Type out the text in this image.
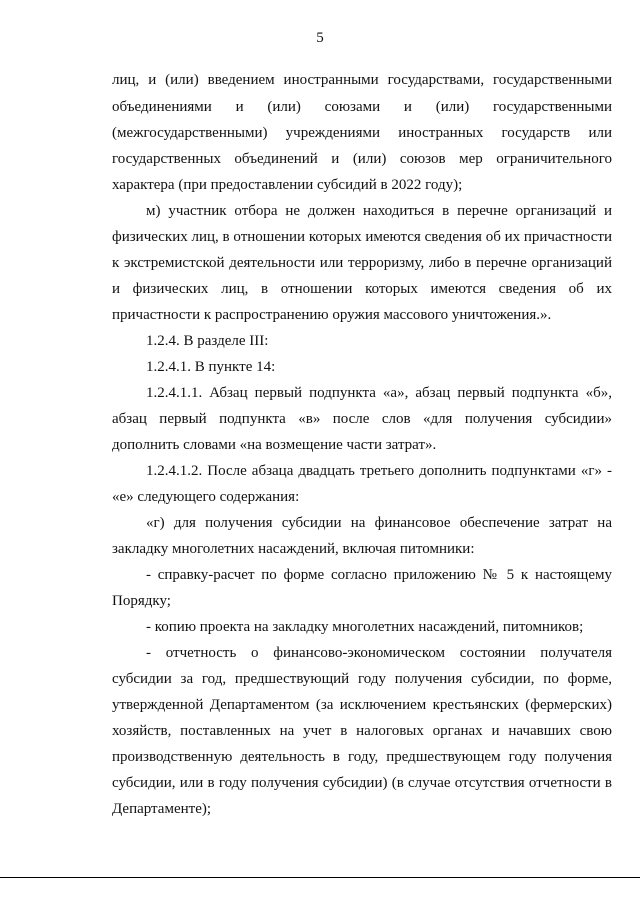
5
лиц, и (или) введением иностранными государствами, государственными
объединениями и (или) союзами и (или) государственными
(межгосударственными) учреждениями иностранных государств или
государственных объединений и (или) союзов мер ограничительного
характера (при предоставлении субсидий в 2022 году);
м) участник отбора не должен находиться в перечне организаций и
физических лиц, в отношении которых имеются сведения об их причастности
к экстремистской деятельности или терроризму, либо в перечне организаций
и физических лиц, в отношении которых имеются сведения об их
причастности к распространению оружия массового уничтожения.».
1.2.4. В разделе III:
1.2.4.1. В пункте 14:
1.2.4.1.1. Абзац первый подпункта «а», абзац первый подпункта «б»,
абзац первый подпункта «в» после слов «для получения субсидии»
дополнить словами «на возмещение части затрат».
1.2.4.1.2. После абзаца двадцать третьего дополнить подпунктами «г» -
«е» следующего содержания:
«г) для получения субсидии на финансовое обеспечение затрат на
закладку многолетних насаждений, включая питомники:
- справку-расчет по форме согласно приложению № 5 к настоящему
Порядку;
- копию проекта на закладку многолетних насаждений, питомников;
- отчетность о финансово-экономическом состоянии получателя
субсидии за год, предшествующий году получения субсидии, по форме,
утвержденной Департаментом (за исключением крестьянских (фермерских)
хозяйств, поставленных на учет в налоговых органах и начавших свою
производственную деятельность в году, предшествующем году получения
субсидии, или в году получения субсидии) (в случае отсутствия отчетности в
Департаменте);
